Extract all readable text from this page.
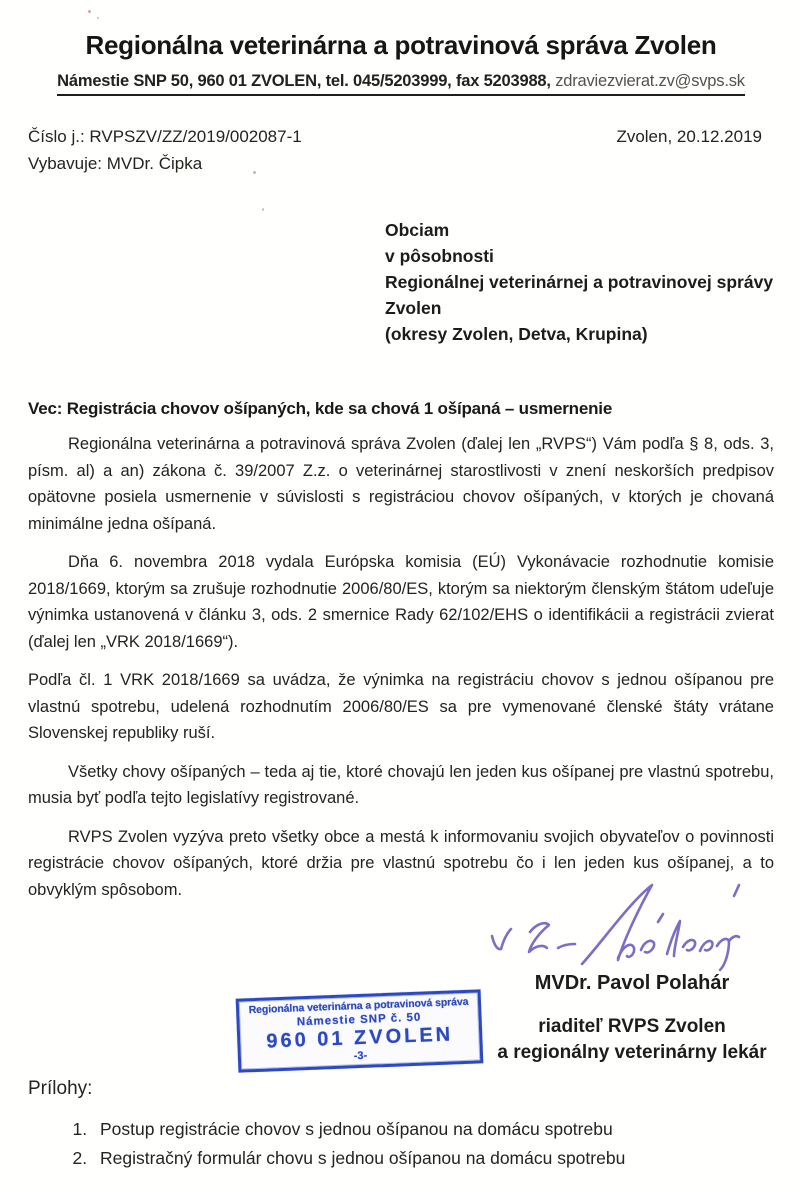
Regionálna veterinárna a potravinová správa Zvolen
Námestie SNP 50, 960 01 ZVOLEN, tel. 045/5203999, fax 5203988, zdraviezvierat.zv@svps.sk
Číslo j.: RVPSZV/ZZ/2019/002087-1	Zvolen, 20.12.2019
Vybavuje: MVDr. Čipka
Obciam
v pôsobnosti
Regionálnej veterinárnej a potravinovej správy
Zvolen
(okresy Zvolen, Detva, Krupina)
Vec: Registrácia chovov ošípaných, kde sa chová 1 ošípaná – usmernenie

Regionálna veterinárna a potravinová správa Zvolen (ďalej len „RVPS“) Vám podľa § 8, ods. 3, písm. al) a an) zákona č. 39/2007 Z.z. o veterinárnej starostlivosti v znení neskorších predpisov opätovne posiela usmernenie v súvislosti s registráciou chovov ošípaných, v ktorých je chovaná minimálne jedna ošípaná.

Dňa 6. novembra 2018 vydala Európska komisia (EÚ) Vykonávacie rozhodnutie komisie 2018/1669, ktorým sa zrušuje rozhodnutie 2006/80/ES, ktorým sa niektorým členským štátom udeľuje výnimka ustanovená v článku 3, ods. 2 smernice Rady 62/102/EHS o identifikácii a registrácii zvierat (ďalej len „VRK 2018/1669“).

Podľa čl. 1 VRK 2018/1669 sa uvádza, že výnimka na registráciu chovov s jednou ošípanou pre vlastnú spotrebu, udelená rozhodnutím 2006/80/ES sa pre vymenované členské štáty vrátane Slovenskej republiky ruší.

Všetky chovy ošípaných – teda aj tie, ktoré chovajú len jeden kus ošípanej pre vlastnú spotrebu, musia byť podľa tejto legislatívy registrované.

RVPS Zvolen vyzýva preto všetky obce a mestá k informovaniu svojich obyvateľov o povinnosti registrácie chovov ošípaných, ktoré držia pre vlastnú spotrebu čo i len jeden kus ošípanej, a to obvyklým spôsobom.

MVDr. Pavol Polahár
riaditeľ RVPS Zvolen
a regionálny veterinárny lekár
Regionálna veterinárna a potravinová správa
Námestie SNP č. 50
960 01 ZVOLEN
-3-
Prílohy:
1. Postup registrácie chovov s jednou ošípanou na domácu spotrebu
2. Registračný formulár chovu s jednou ošípanou na domácu spotrebu
